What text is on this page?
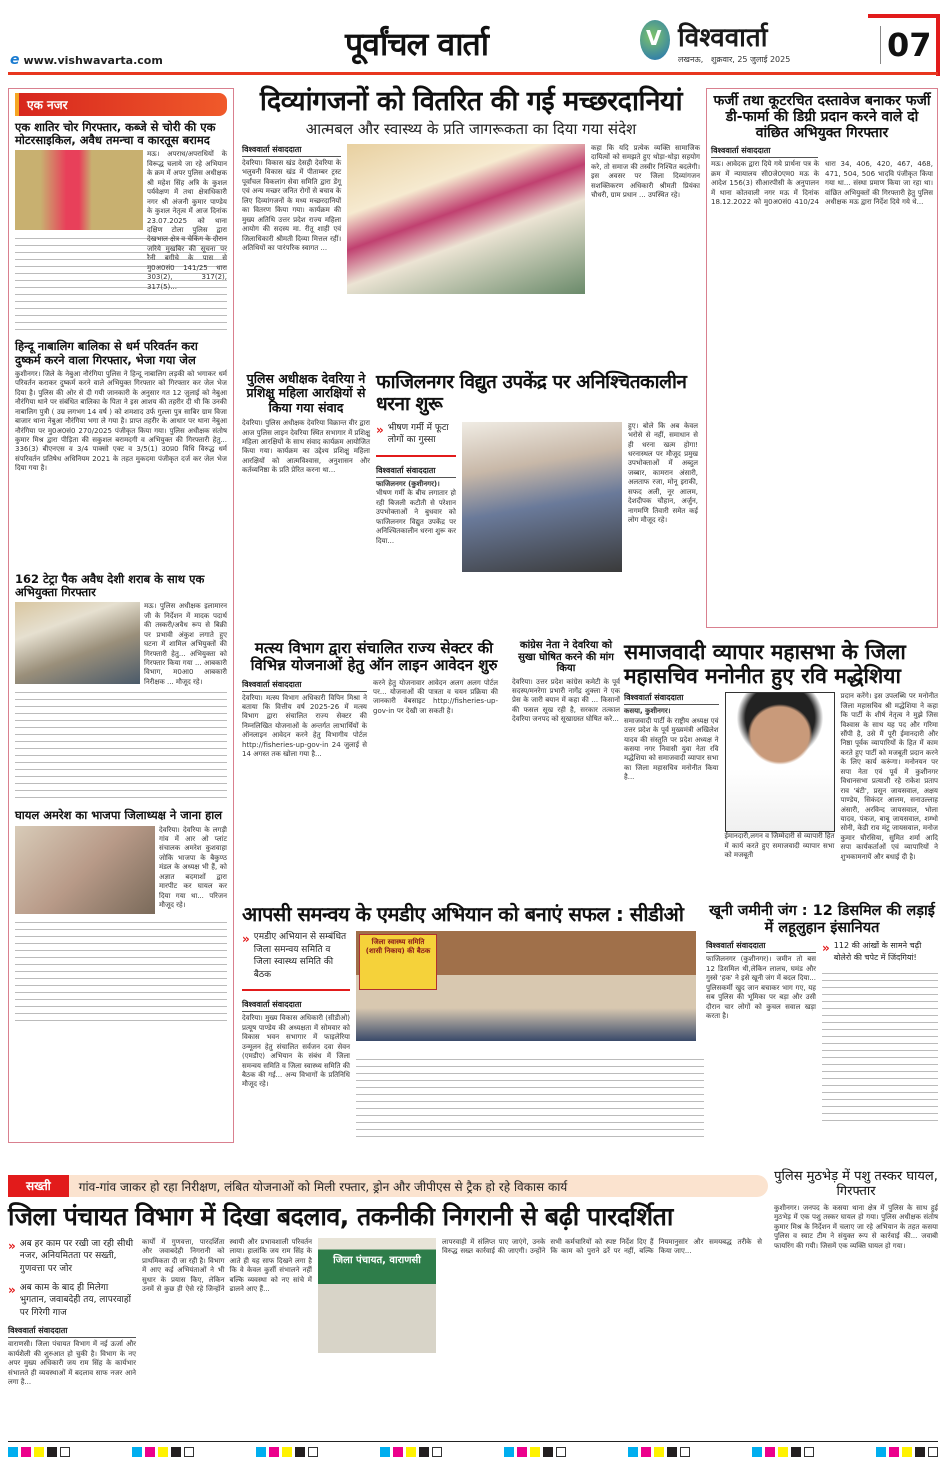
e www.vishwavarta.com	पूर्वांचल वार्ता	V विश्ववार्ता
लखनऊ, शुक्रवार, 25 जुलाई 2025	07
एक नजर
एक शातिर चोर गिरफ्तार, कब्जे से चोरी की एक मोटरसाइकिल, अवैध तमन्चा व कारतूस बरामद
मऊ। अपराध/अपराधियों के विरूद्ध चलाये जा रहे अभियान के क्रम में अपर पुलिस अधीक्षक श्री महेश सिंह अत्रि के कुशल पर्यवेक्षण में तथा क्षेत्राधिकारी नगर श्री अंजनी कुमार पाण्डेय के कुशल नेतृत्व में आज दिनांक 23.07.2025 को थाना दक्षिण टोला पुलिस द्वारा देखभाल क्षेत्र व चेकिंग के दौरान जरिये मुखबिर की सूचना पर रैनी बगीचे के पास से मु0अ0सं0 141/25 धारा 303(2), 317(2), 317(5)...
हिन्दू नाबालिग बालिका से धर्म परिवर्तन करा दुष्कर्म करने वाला गिरफ्तार, भेजा गया जेल
कुशीनगर। जिले के नेबुआ नौरंगिया पुलिस ने हिन्दू नाबालिग लड़की को भगाकर धर्म परिवर्तन कराकर दुष्कर्म करने वाले अभियुक्त गिरफ्तार को गिरफ्तार कर जेल भेज दिया है। पुलिस की ओर से दी गयी जानकारी के अनुसार गत 12 जुलाई को नेबुआ नौरंगिया थाने पर संबंधित बालिका के पिता ने इस आशय की तहरीर दी थी कि उनकी नाबालिग पुत्री ( उम्र लगभग 14 वर्ष ) को शमशाद उर्फ गुल्ला पुत्र साबिर ग्राम विजा बाजार थाना नेबुआ नौरंगिया भगा ले गया है। प्राप्त तहरीर के आधार पर थाना नेबुआ नौरंगिया पर मु0अ0सं0 270/2025 पंजीकृत किया गया। पुलिस अधीक्षक संतोष कुमार मिश्र द्वारा पीड़िता की सकुशल बरामदगी व अभियुक्त की गिरफ्तारी हेतु... 336(3) बीएनएस व 3/4 पाक्सो एक्ट व 3/5(1) उ0प्र0 विधि विरुद्ध धर्म संपरिवर्तन प्रतिषेध अधिनियम 2021 के तहत मुकदमा पंजीकृत दर्ज कर जेल भेज दिया गया है।
162 टेट्रा पैक अवैध देशी शराब के साथ एक अभियुक्ता गिरफ्तार
मऊ। पुलिस अधीक्षक इलामारन जी के निर्देशन में मादक पदार्थ की तस्करी/अवैध रूप से बिक्री पर प्रभावी अंकुश लगाते हुए घटना में शामिल अभियुक्तों की गिरफ्तारी हेतु... अभियुक्ता को गिरफ्तार किया गया ... आबकारी विभाग, म0आ0 आबकारी निरीक्षक ... मौजूद रहे।
घायल अमरेश का भाजपा जिलाध्यक्ष ने जाना हाल
देवरिया। देवरिया के लगड़ी गांव में आर ओ प्लांट संचालक अमरेश कुशवाहा जोकि भाजपा के बैकुण्ठ मंडल के अध्यक्ष भी हैं, को अज्ञात बदमाशों द्वारा मारपीट कर घायल कर दिया गया था... परिजन मौजूद रहे।
दिव्यांगजनों को वितरित की गई मच्छरदानियां
आत्मबल और स्वास्थ्य के प्रति जागरूकता का दिया गया संदेश
विश्ववार्ता संवाददाता
देवरिया। विकास खंड देसही देवरिया के भलुवनी विकास खंड में पीताम्बर ट्रस्ट पूर्वांचल विकलांग सेवा समिति द्वारा डेंगू एवं अन्य मच्छर जनित रोगों से बचाव के लिए दिव्यांगजनों के मध्य मच्छरदानियों का वितरण किया गया। कार्यक्रम की मुख्य अतिथि उत्तर प्रदेश राज्य महिला आयोग की सदस्य मा. रीतू शाही एवं जिलाधिकारी श्रीमती दिव्या मित्तल रहीं। अतिथियों का पारंपरिक स्वागत ...
कहा कि यदि प्रत्येक व्यक्ति सामाजिक दायित्वों को समझते हुए थोड़ा-थोड़ा सहयोग करे, तो समाज की तस्वीर निश्चित बदलेगी। इस अवसर पर जिला दिव्यांगजन सशक्तिकरण अधिकारी श्रीमती प्रियंका चौधरी, ग्राम प्रधान ... उपस्थित रहे।
पुलिस अधीक्षक देवरिया ने प्रशिक्षु महिला आरक्षियों से किया गया संवाद
देवरिया। पुलिस अधीक्षक देवरिया विक्रान्त वीर द्वारा आज पुलिस लाइन देवरिया स्थित सभागार में प्रशिक्षु महिला आरक्षियों के साथ संवाद कार्यक्रम आयोजित किया गया। कार्यक्रम का उद्देश्य प्रशिक्षु महिला आरक्षियों को आत्मविश्वास, अनुशासन और कर्तव्यनिष्ठा के प्रति प्रेरित करना था...
फाजिलनगर विद्युत उपकेंद्र पर अनिश्चितकालीन धरना शुरू
» भीषण गर्मी में फूटा लोगों का गुस्सा
विश्ववार्ता संवाददाता
फाजिलनगर (कुशीनगर)।
भीषण गर्मी के बीच लगातार हो रही बिजली कटौती से परेशान उपभोक्ताओं ने बुधवार को फाजिलनगर विद्युत उपकेंद्र पर अनिश्चितकालीन धरना शुरू कर दिया...
हुए। बोले कि अब केवल भरोसे से नहीं, समाधान से ही धरना खत्म होगा! धरनास्थल पर मौजूद प्रमुख उपभोक्ताओं में अब्दुल जब्बार, कामरान अंसारी, अलताफ रजा, मोनू इराकी, सफद अली, नूर आलम, देशदीपक चौहान, अर्जुन, नागमणि तिवारी समेत कई लोग मौजूद रहे।
फर्जी तथा कूटरचित दस्तावेज बनाकर फर्जी डी-फार्मा की डिग्री प्रदान करने वाले दो वांछित अभियुक्त गिरफ्तार
विश्ववार्ता संवाददाता
मऊ। आवेदक द्वारा दिये गये प्रार्थना पत्र के क्रम में न्यायालय सी0जे0एम0 मऊ के आदेश 156(3) सीआरपीसी के अनुपालन में थाना कोतवाली नगर मऊ में दिनांक 18.12.2022 को मु0अ0सं0 410/24 धारा 34, 406, 420, 467, 468, 471, 504, 506 भादवि पंजीकृत किया गया था... संस्था प्रमाण किया जा रहा था। वांछित अभियुक्तों की गिरफ्तारी हेतु पुलिस अधीक्षक मऊ द्वारा निर्देश दिये गये थे...
मत्स्य विभाग द्वारा संचालित राज्य सेक्टर की विभिन्न योजनाओं हेतु ऑन लाइन आवेदन शुरु
विश्ववार्ता संवाददाता
देवरिया। मत्स्य विभाग अधिकारी विपिन मिश्रा ने बताया कि वित्तीय वर्ष 2025-26 में मत्स्य विभाग द्वारा संचालित राज्य सेक्टर की निम्नलिखित योजनाओं के अन्तर्गत लाभार्थियों के ऑनलाइन आवेदन करने हेतु विभागीय पोर्टल http://fisheries-up-gov-in 24 जुलाई से 14 अगस्त तक खोला गया है...
करने हेतु योजनावार आवेदन अलग अलग पोर्टल पर... योजनाओं की पात्रता व चयन प्रक्रिया की जानकारी वेबसाइट http://fisheries-up-gov-in पर देखी जा सकती है।
कांग्रेस नेता ने देवरिया को सुखा घोषित करने की मांग किया
देवरिया। उत्तर प्रदेश कांग्रेस कमेटी के पूर्व सदस्य/मनरेगा प्रभारी नागेंद्र शुक्ला ने एक प्रेस के जारी बयान में कहा की ... किसानों की फसल सूख रही है, सरकार तत्काल देवरिया जनपद को सूखाग्रस्त घोषित करे...
समाजवादी व्यापार महासभा के जिला महासचिव मनोनीत हुए रवि मद्धेशिया
विश्ववार्ता संवाददाता
कसया, कुशीनगर।
समाजवादी पार्टी के राष्ट्रीय अध्यक्ष एवं उत्तर प्रदेश के पूर्व मुख्यमंत्री अखिलेश यादव की संस्तुति पर प्रदेश अध्यक्ष ने कसया नगर निवासी युवा नेता रवि मद्धेशिया को समाजवादी व्यापार सभा का जिला महासचिव मनोनीत किया है...
ईमानदारी,लगन व जिम्मेदारी से व्यापारी हित में कार्य करते हुए समाजवादी व्यापार सभा को मजबूती
प्रदान करेंगे। इस उपलब्धि पर मनोनीत जिला महासचिव श्री मद्धेशिया ने कहा कि पार्टी के शीर्ष नेतृत्व ने मुझे जिस विश्वास के साथ यह पद और गरिमा सौंपी है, उसे मैं पूरी ईमानदारी और निष्ठा पूर्वक व्यापारियों के हित में काम करते हुए पार्टी को मजबूती प्रदान करने के लिए कार्य करूंगा। मनोनयन पर सपा नेता एवं पूर्व में कुशीनगर विधानसभा प्रत्याशी रहे राकेश प्रताप राव 'बंटी', प्रसून जायसवाल, अक्षय पाण्डेय, सिकंदर आलम, सनाउल्लाह अंसारी, अरविन्द जायसवाल, भोला यादव, पंकज, बाबू जायसवाल, शम्भो सोनी, केडी राव मंटू जायसवाल, मनोज कुमार चौरसिया, सुमित शर्मा आदि सपा कार्यकर्ताओं एवं व्यापारियों ने शुभकामनायें और बधाई दी है।
आपसी समन्वय के एमडीए अभियान को बनाएं सफल : सीडीओ
» एमडीए अभियान से सम्बंधित जिला समन्वय समिति व जिला स्वास्थ्य समिति की बैठक
विश्ववार्ता संवाददाता
देवरिया। मुख्य विकास अधिकारी (सीडीओ) प्रत्यूष पाण्डेय की अध्यक्षता में सोमवार को विकास भवन सभागार में फाइलेरिया उन्मूलन हेतु संचालित सर्वजन दवा सेवन (एमडीए) अभियान के संबंध में जिला समन्वय समिति व जिला स्वास्थ्य समिति की बैठक की गई... अन्य विभागों के प्रतिनिधि मौजूद रहे।
जिला स्वास्थ्य समिति (शासी निकाय) की बैठक
खूनी जमीनी जंग : 12 डिसमिल की लड़ाई में लहूलुहान इंसानियत
विश्ववार्ता संवाददाता
फाजिलनगर (कुशीनगर)। जमीन तो बस 12 डिसमिल थी,लेकिन लालच, घमंड और गुस्से 'हक' ने इसे खूनी जंग में बदल दिया... पुलिसकर्मी खुद जान बचाकर भाग गए, यह सब पुलिस की भूमिका पर बड़ा और उसी दौरान चार लोगों को कुचल सवाल खड़ा करता है।
» 112 की आंखों के सामने चढ़ी बोलेरो की चपेट में जिंदगियां!
सख्ती	गांव-गांव जाकर हो रहा निरीक्षण, लंबित योजनाओं को मिली रफ्तार, ड्रोन और जीपीएस से ट्रैक हो रहे विकास कार्य
जिला पंचायत विभाग में दिखा बदलाव, तकनीकी निगरानी से बढ़ी पारदर्शिता
» अब हर काम पर रखी जा रही सीधी नजर, अनियमितता पर सख्ती, गुणवत्ता पर जोर
» अब काम के बाद ही मिलेगा भुगतान, जवाबदेही तय, लापरवाहों पर गिरेगी गाज
विश्ववार्ता संवाददाता
वाराणसी। जिला पंचायत विभाग में नई ऊर्जा और कार्यशैली की शुरुआत हो चुकी है। विभाग के नए अपर मुख्य अधिकारी जय राम सिंह के कार्यभार संभालते ही व्यवस्थाओं में बदलाव साफ नजर आने लगा है...
कार्यों में गुणवत्ता, पारदर्शिता और जवाबदेही निगरानी को प्राथमिकता दी जा रही है। विभाग में आए कई अभियंताओं ने भी सुधार के प्रयास किए, लेकिन उनमें से कुछ ही ऐसे रहे जिन्होंने स्थायी और प्रभावशाली परिवर्तन लाया। हालांकि जय राम सिंह के आते ही यह साफ दिखने लगा है कि वे केवल कुर्सी संभालने नहीं बल्कि व्यवस्था को नए सांचे में ढालने आए हैं...
जिला पंचायत, वाराणसी
लापरवाही में संलिप्त पाए जाएंगे, उनके विरुद्ध सख्त कार्रवाई की जाएगी। उन्होंने सभी कर्मचारियों को स्पष्ट निर्देश दिए हैं कि काम को पुराने ढर्रे पर नहीं, बल्कि नियमानुसार और समयबद्ध तरीके से किया जाए...
पुलिस मुठभेड़ में पशु तस्कर घायल, गिरफ्तार
कुशीनगर। जनपद के कसया थाना क्षेत्र में पुलिस के साथ हुई मुठभेड़ में एक पशु तस्कर घायल हो गया। पुलिस अधीक्षक संतोष कुमार मिश्र के निर्देशन में चलाए जा रहे अभियान के तहत कसया पुलिस व स्वाट टीम ने संयुक्त रूप से कार्रवाई की... जवाबी फायरिंग की गयी। जिसमें एक व्यक्ति घायल हो गया।
